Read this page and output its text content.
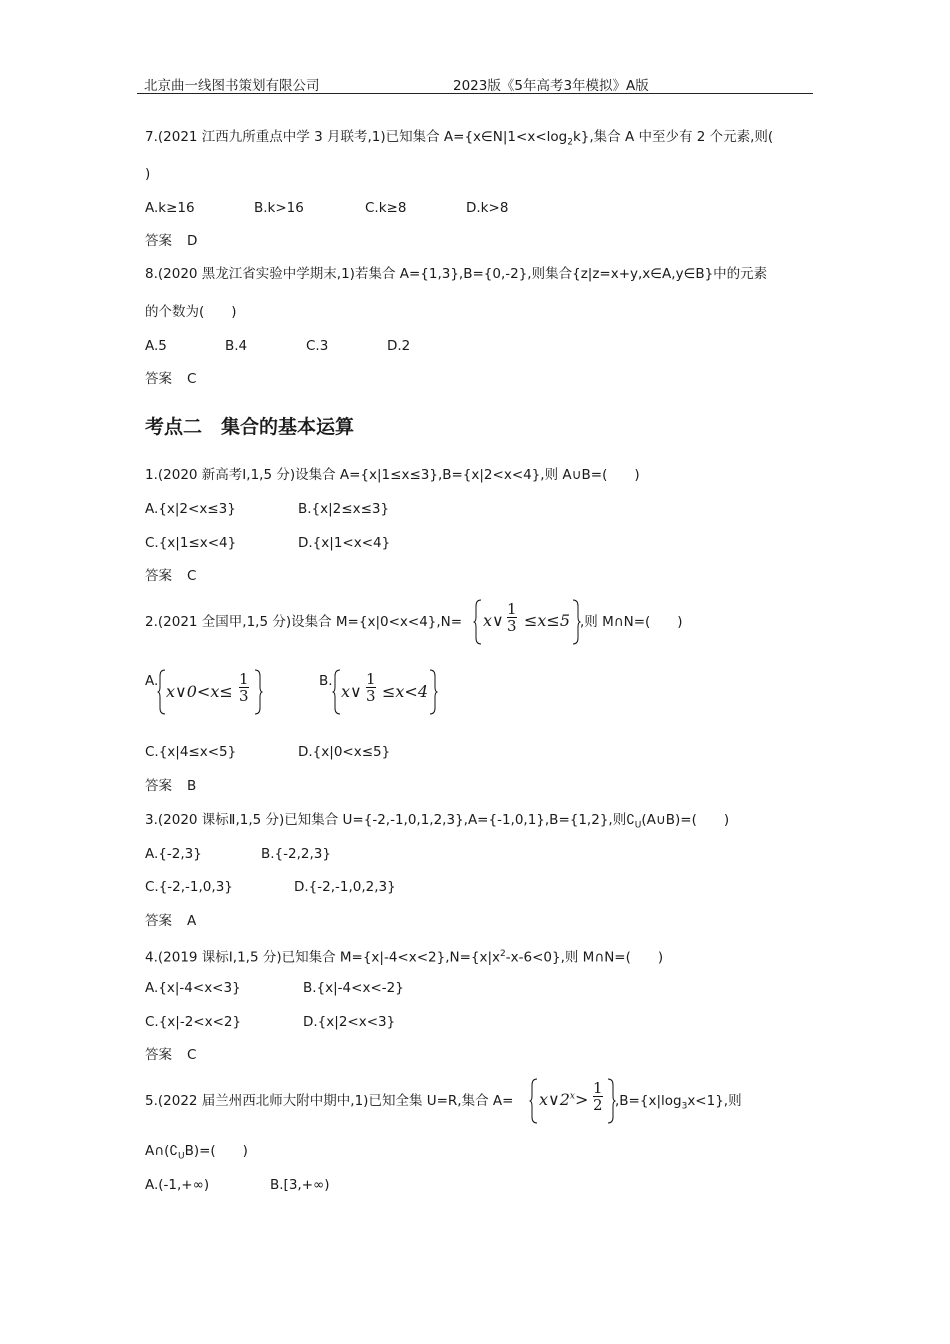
北京曲一线图书策划有限公司	2023版《5年高考3年模拟》A版
7.(2021 江西九所重点中学 3 月联考,1)已知集合 $A=\{x\in N|1<x<\log_2k\}$,集合 A 中至少有 2 个元素,则(
)
A.k≥16	B.k>16	C.k≥8	D.k>8
答案 D
8.(2020 黑龙江省实验中学期末,1)若集合 A={1,3},B={0,-2},则集合{z|z=x+y,x∈A,y∈B}中的元素
的个数为(　　)
A.5	B.4	C.3	D.2
答案 C
考点二　集合的基本运算
1.(2020 新高考Ⅰ,1,5 分)设集合 A={x|1≤x≤3},B={x|2<x<4},则 A∪B=(　　)
A.{x|2<x≤3}	B.{x|2≤x≤3}
C.{x|1≤x<4}	D.{x|1<x<4}
答案 C
2.(2021 全国甲,1,5 分)设集合 M={x|0<x<4},N= x∨
1
3 ≤x≤5 ,则 M∩N=(　　)
A.
x∨0<x≤
1
3
B.
x∨
1
3 ≤x<4
C.{x|4≤x<5}	D.{x|0<x≤5}
答案 B
3.(2020 课标Ⅱ,1,5 分)已知集合 U={-2,-1,0,1,2,3},A={-1,0,1},B={1,2},则$∁_U(A\cup B)=$(　　)
A.{-2,3}	B.{-2,2,3}
C.{-2,-1,0,3}	D.{-2,-1,0,2,3}
答案 A
4.(2019 课标Ⅰ,1,5 分)已知集合 $M=\{x|-4<x<2\},N=\{x|x^2-x-6<0\}$,则 M∩N=(　　)
A.{x|-4<x<3}	B.{x|-4<x<-2}
C.{x|-2<x<2}	D.{x|2<x<3}
答案 C
5.(2022 届兰州西北师大附中期中,1)已知全集 U=R,集合 $A= x\vee 2^x>$
1
2 $,B=\{x|\log_3x<1\}$,则
$A\cap(∁_UB)=$(　　)
A.(-1,+∞)	B.[3,+∞)
